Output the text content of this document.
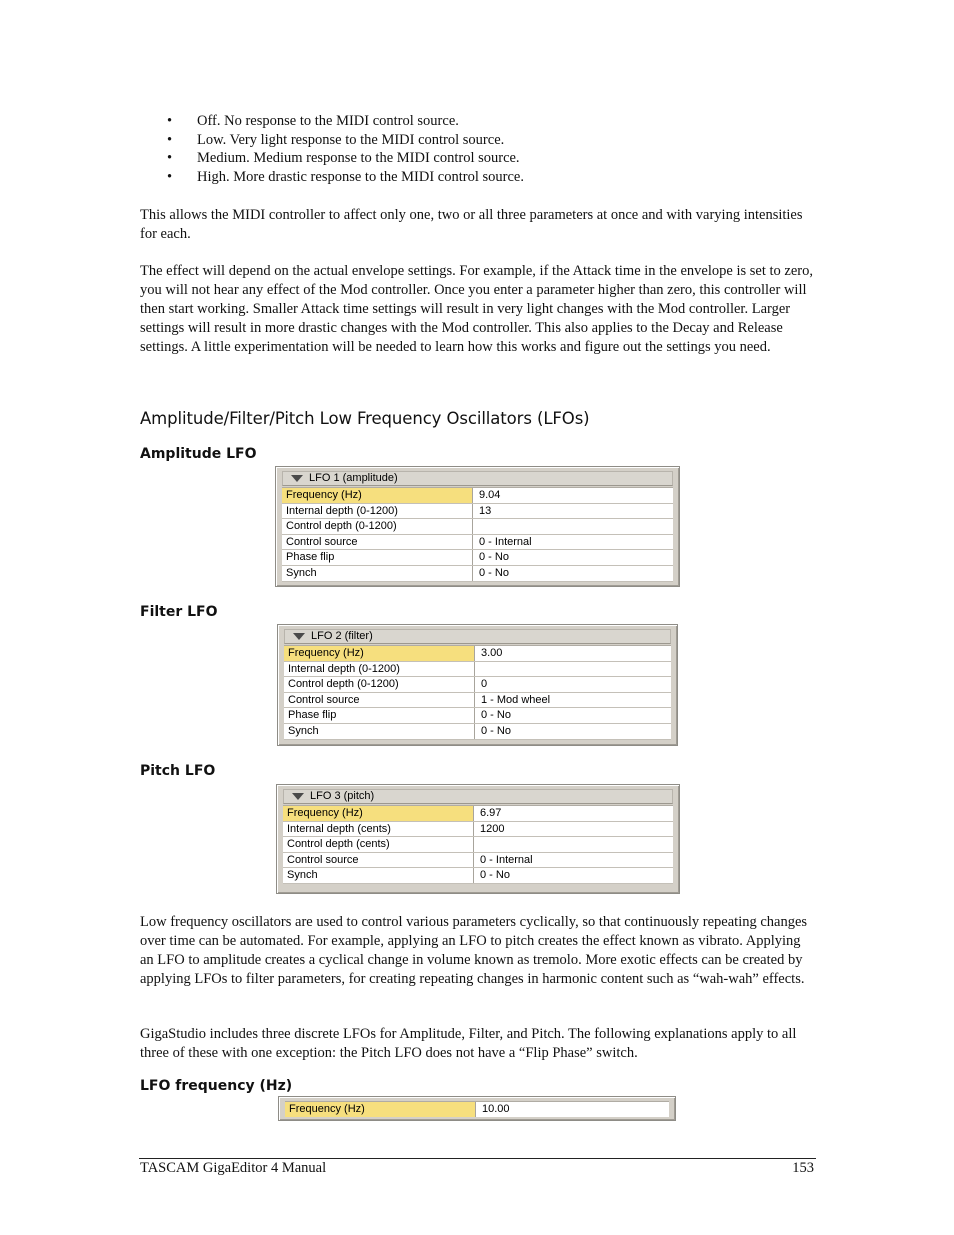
• Off. No response to the MIDI control source.
• Low. Very light response to the MIDI control source.
• Medium. Medium response to the MIDI control source.
• High. More drastic response to the MIDI control source.

This allows the MIDI controller to affect only one, two or all three parameters at once and with varying intensities for each.

The effect will depend on the actual envelope settings. For example, if the Attack time in the envelope is set to zero, you will not hear any effect of the Mod controller. Once you enter a parameter higher than zero, this controller will then start working. Smaller Attack time settings will result in very light changes with the Mod controller. Larger settings will result in more drastic changes with the Mod controller. This also applies to the Decay and Release settings. A little experimentation will be needed to learn how this works and figure out the settings you need.

Amplitude/Filter/Pitch Low Frequency Oscillators (LFOs)
Amplitude LFO
LFO 1 (amplitude)
Frequency (Hz)	9.04
Internal depth (0-1200)	13
Control depth (0-1200)
Control source	0 - Internal
Phase flip	0 - No
Synch	0 - No
Filter LFO
LFO 2 (filter)
Frequency (Hz)	3.00
Internal depth (0-1200)
Control depth (0-1200)	0
Control source	1 - Mod wheel
Phase flip	0 - No
Synch	0 - No
Pitch LFO
LFO 3 (pitch)
Frequency (Hz)	6.97
Internal depth (cents)	1200
Control depth (cents)
Control source	0 - Internal
Synch	0 - No

Low frequency oscillators are used to control various parameters cyclically, so that continuously repeating changes over time can be automated. For example, applying an LFO to pitch creates the effect known as vibrato. Applying an LFO to amplitude creates a cyclical change in volume known as tremolo. More exotic effects can be created by applying LFOs to filter parameters, for creating repeating changes in harmonic content such as “wah-wah” effects.

GigaStudio includes three discrete LFOs for Amplitude, Filter, and Pitch. The following explanations apply to all three of these with one exception: the Pitch LFO does not have a “Flip Phase” switch.

LFO frequency (Hz)
Frequency (Hz)	10.00
TASCAM GigaEditor 4 Manual	153
